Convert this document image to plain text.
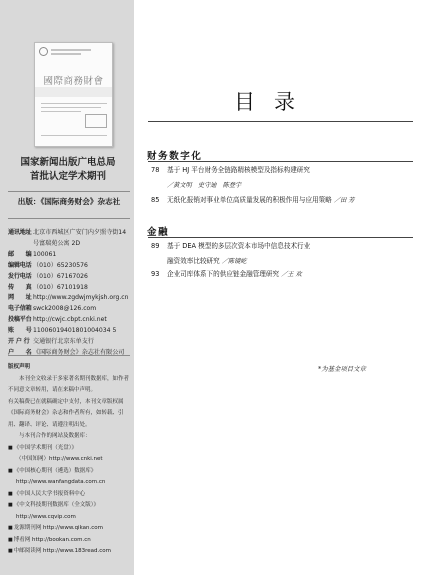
國際商務財會
国家新闻出版广电总局
首批认定学术期刊
出版：《国际商务财会》杂志社
通讯地址 北京市西城区广安门内夕照寺街14号富瑞苑公寓 2D
邮　　编 100061
编辑电话 （010）65230576
发行电话 （010）67167026
传　　真 （010）67101918
网　　址 http://www.zgdwjmykjsh.org.cn
电子信箱 swck2008@126.com
投稿平台 http://cwjc.cbpt.cnki.net
账　　号 11006019401801004034 5
开 户 行 交通银行北京东单支行
户　　名 《国际商务财会》杂志社有限公司
版权声明
本刊全文收录于多家著名期刊数据库，如作者不同意文章转用，请在来稿中声明。
有关稿费已在就稿确定中支付，本刊文章版权属《国际商务财会》杂志和作者所有，如转载、引用、翻译、评论、请遵注明出处。
与本刊合作的网站及数据库：
■ 《中国学术期刊（光盘）》
（中国知网）http://www.cnki.net
■ 《中国核心期刊（遴选）数据库》
http://www.wanfangdata.com.cn
■ 《中国人民大学书报资料中心
■ 《中文科技期刊数据库（全文版）》
http://www.cqvip.com
■ 龙源期刊网 http://www.qikan.com
■ 博看网 http://bookan.com.cn
■ 中邮阅读网 http://www.183read.com
目录
财务数字化
78 基于 HJ 平台财务全链路精核模型及指标构建研究
／黄文明　史守迪　陈登宇
85 无纸化报销对事业单位高质量发展的积极作用与应用策略 ／田 芳
金融
89 基于 DEA 模型的多层次资本市场中信息技术行业
融资效率比较研究 ／陈镜屹
93 企业司库体系下的供应链金融管理研究 ／王 欢
*为基金项目文章
